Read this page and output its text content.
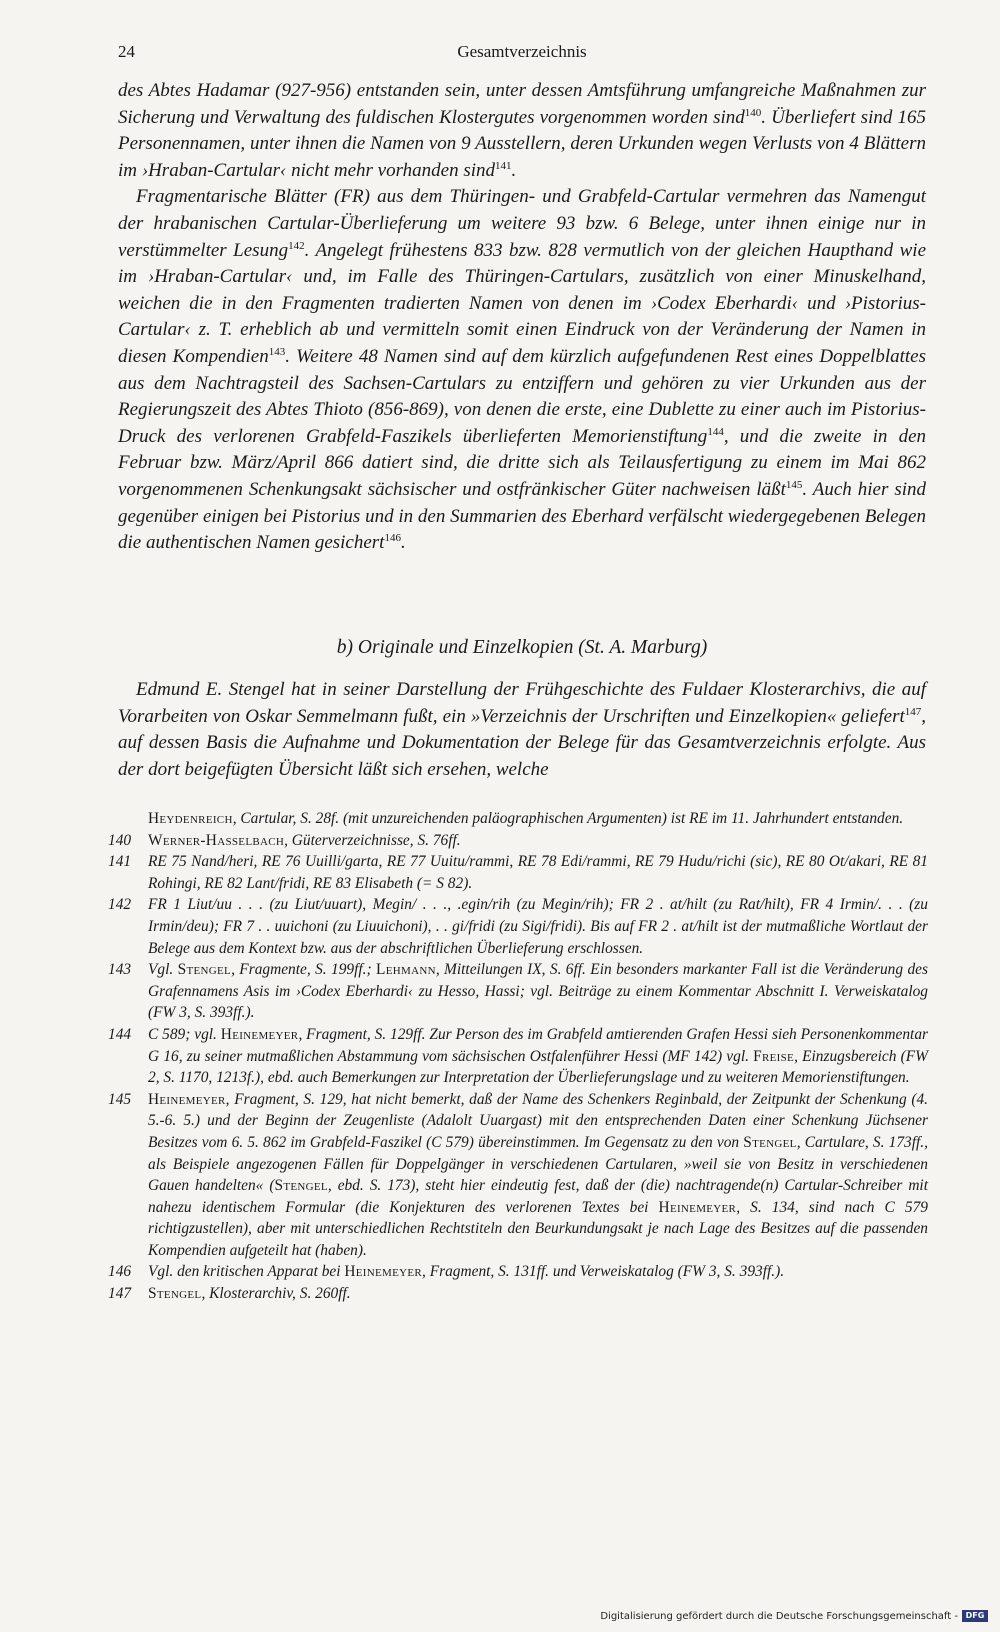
24	Gesamtverzeichnis

des Abtes Hadamar (927-956) entstanden sein, unter dessen Amtsführung umfangreiche Maßnahmen zur Sicherung und Verwaltung des fuldischen Klostergutes vorgenommen worden sind$^{140}$. Überliefert sind 165 Personennamen, unter ihnen die Namen von 9 Ausstellern, deren Urkunden wegen Verlusts von 4 Blättern im ›Hraban-Cartular‹ nicht mehr vorhanden sind$^{141}$.

Fragmentarische Blätter (FR) aus dem Thüringen- und Grabfeld-Cartular vermehren das Namengut der hrabanischen Cartular-Überlieferung um weitere 93 bzw. 6 Belege, unter ihnen einige nur in verstümmelter Lesung$^{142}$. Angelegt frühestens 833 bzw. 828 vermutlich von der gleichen Haupthand wie im ›Hraban-Cartular‹ und, im Falle des Thüringen-Cartulars, zusätzlich von einer Minuskelhand, weichen die in den Fragmenten tradierten Namen von denen im ›Codex Eberhardi‹ und ›Pistorius-Cartular‹ z. T. erheblich ab und vermitteln somit einen Eindruck von der Veränderung der Namen in diesen Kompendien$^{143}$. Weitere 48 Namen sind auf dem kürzlich aufgefundenen Rest eines Doppelblattes aus dem Nachtragsteil des Sachsen-Cartulars zu entziffern und gehören zu vier Urkunden aus der Regierungszeit des Abtes Thioto (856-869), von denen die erste, eine Dublette zu einer auch im Pistorius-Druck des verlorenen Grabfeld-Faszikels überlieferten Memorienstiftung$^{144}$, und die zweite in den Februar bzw. März/April 866 datiert sind, die dritte sich als Teilausfertigung zu einem im Mai 862 vorgenommenen Schenkungsakt sächsischer und ostfränkischer Güter nachweisen läßt$^{145}$. Auch hier sind gegenüber einigen bei Pistorius und in den Summarien des Eberhard verfälscht wiedergegebenen Belegen die authentischen Namen gesichert$^{146}$.

b) Originale und Einzelkopien (St. A. Marburg)

Edmund E. Stengel hat in seiner Darstellung der Frühgeschichte des Fuldaer Klosterarchivs, die auf Vorarbeiten von Oskar Semmelmann fußt, ein »Verzeichnis der Urschriften und Einzelkopien« geliefert$^{147}$, auf dessen Basis die Aufnahme und Dokumentation der Belege für das Gesamtverzeichnis erfolgte. Aus der dort beigefügten Übersicht läßt sich ersehen, welche

Heydenreich, Cartular, S. 28f. (mit unzureichenden paläographischen Argumenten) ist RE im 11. Jahrhundert entstanden.
140 Werner-Hasselbach, Güterverzeichnisse, S. 76ff.
141 RE 75 Nand/heri, RE 76 Uuilli/garta, RE 77 Uuitu/rammi, RE 78 Edi/rammi, RE 79 Hudu/richi (sic), RE 80 Ot/akari, RE 81 Rohingi, RE 82 Lant/fridi, RE 83 Elisabeth (= S 82).
142 FR 1 Liut/uu . . . (zu Liut/uuart), Megin/ . . ., .egin/rih (zu Megin/rih); FR 2 . at/hilt (zu Rat/hilt), FR 4 Irmin/. . . (zu Irmin/deu); FR 7 . . uuichoni (zu Liuuichoni), . . gi/fridi (zu Sigi/fridi). Bis auf FR 2 . at/hilt ist der mutmaßliche Wortlaut der Belege aus dem Kontext bzw. aus der abschriftlichen Überlieferung erschlossen.
143 Vgl. Stengel, Fragmente, S. 199ff.; Lehmann, Mitteilungen IX, S. 6ff. Ein besonders markanter Fall ist die Veränderung des Grafennamens Asis im ›Codex Eberhardi‹ zu Hesso, Hassi; vgl. Beiträge zu einem Kommentar Abschnitt I. Verweiskatalog (FW 3, S. 393ff.).
144 C 589; vgl. Heinemeyer, Fragment, S. 129ff. Zur Person des im Grabfeld amtierenden Grafen Hessi sieh Personenkommentar G 16, zu seiner mutmaßlichen Abstammung vom sächsischen Ostfalenführer Hessi (MF 142) vgl. Freise, Einzugsbereich (FW 2, S. 1170, 1213f.), ebd. auch Bemerkungen zur Interpretation der Überlieferungslage und zu weiteren Memorienstiftungen.
145 Heinemeyer, Fragment, S. 129, hat nicht bemerkt, daß der Name des Schenkers Reginbald, der Zeitpunkt der Schenkung (4. 5.-6. 5.) und der Beginn der Zeugenliste (Adalolt Uuargast) mit den entsprechenden Daten einer Schenkung Jüchsener Besitzes vom 6. 5. 862 im Grabfeld-Faszikel (C 579) übereinstimmen. Im Gegensatz zu den von Stengel, Cartulare, S. 173ff., als Beispiele angezogenen Fällen für Doppelgänger in verschiedenen Cartularen, »weil sie von Besitz in verschiedenen Gauen handelten« (Stengel, ebd. S. 173), steht hier eindeutig fest, daß der (die) nachtragende(n) Cartular-Schreiber mit nahezu identischem Formular (die Konjekturen des verlorenen Textes bei Heinemeyer, S. 134, sind nach C 579 richtigzustellen), aber mit unterschiedlichen Rechtstiteln den Beurkundungsakt je nach Lage des Besitzes auf die passenden Kompendien aufgeteilt hat (haben).
146 Vgl. den kritischen Apparat bei Heinemeyer, Fragment, S. 131ff. und Verweiskatalog (FW 3, S. 393ff.).
147 Stengel, Klosterarchiv, S. 260ff.
Digitalisierung gefördert durch die Deutsche Forschungsgemeinschaft - DFG
